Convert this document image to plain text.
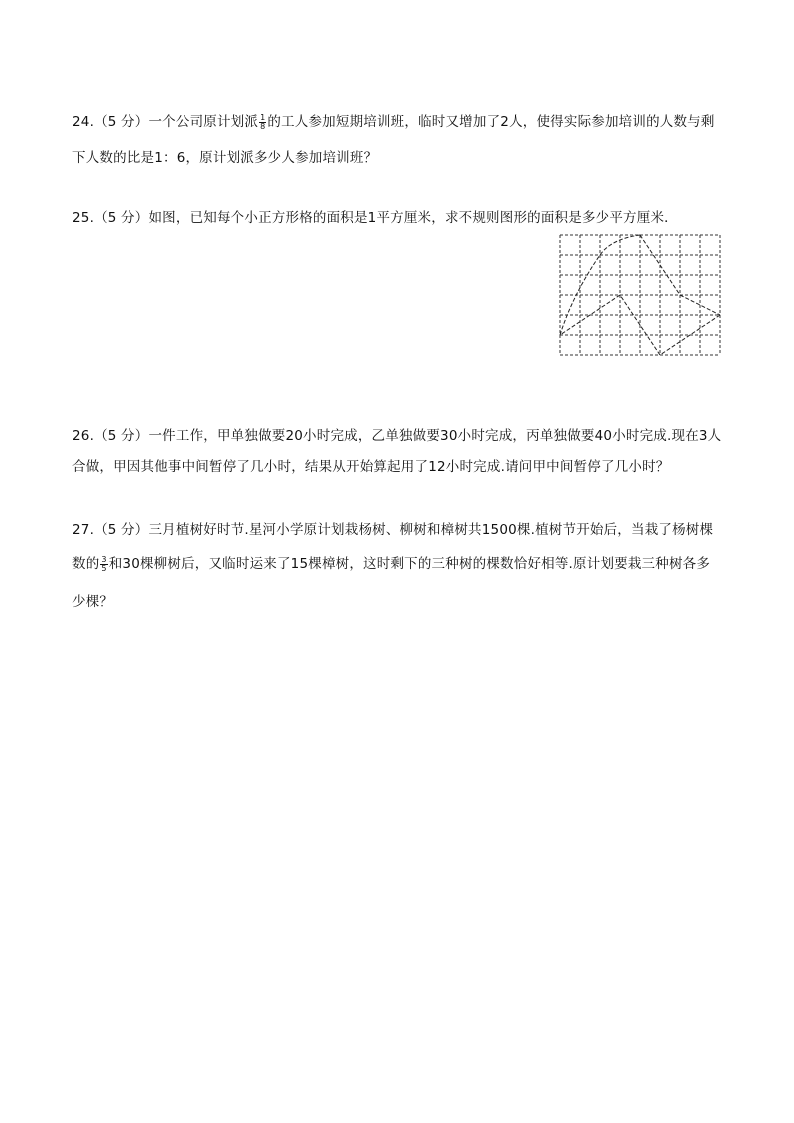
24.（5 分）一个公司原计划派 $\frac{1}{8}$ 的工人参加短期培训班，临时又增加了2人，使得实际参加培训的人数与剩
下人数的比是1：6，原计划派多少人参加培训班？
25.（5 分）如图，已知每个小正方形格的面积是1平方厘米，求不规则图形的面积是多少平方厘米．
26.（5 分）一件工作，甲单独做要20小时完成，乙单独做要30小时完成，丙单独做要40小时完成.现在3人
合做，甲因其他事中间暂停了几小时，结果从开始算起用了12小时完成.请问甲中间暂停了几小时？
27.（5 分）三月植树好时节.星河小学原计划栽杨树、柳树和樟树共1500棵.植树节开始后，当栽了杨树棵
数的 $\frac{3}{5}$ 和30棵柳树后，又临时运来了15棵樟树，这时剩下的三种树的棵数恰好相等.原计划要栽三种树各多
少棵？
